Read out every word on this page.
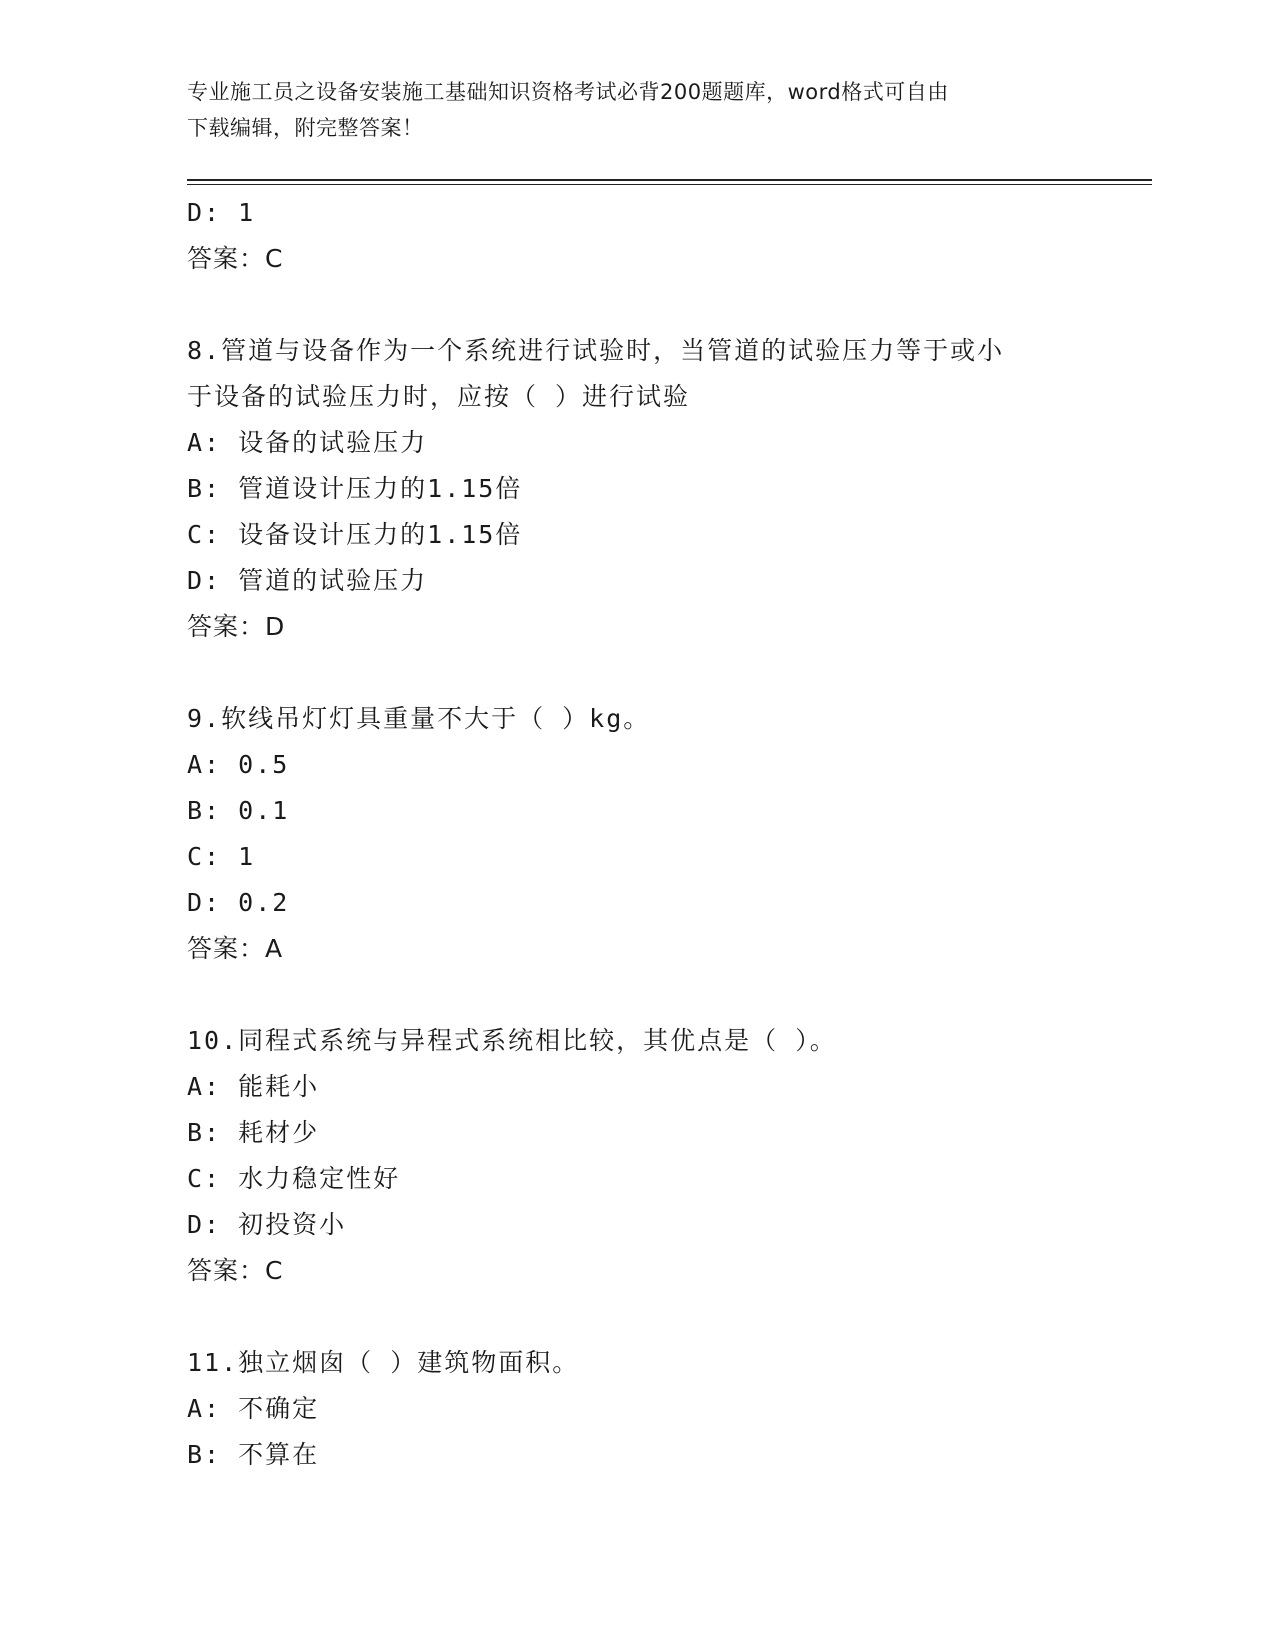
专业施工员之设备安装施工基础知识资格考试必背200题题库，word格式可自由
下载编辑，附完整答案！
D: 1
答案：C
8.管道与设备作为一个系统进行试验时，当管道的试验压力等于或小
于设备的试验压力时，应按（ ）进行试验
A: 设备的试验压力
B: 管道设计压力的1.15倍
C: 设备设计压力的1.15倍
D: 管道的试验压力
答案：D
9.软线吊灯灯具重量不大于（ ）kg。
A: 0.5
B: 0.1
C: 1
D: 0.2
答案：A
10.同程式系统与异程式系统相比较，其优点是（ ）。
A: 能耗小
B: 耗材少
C: 水力稳定性好
D: 初投资小
答案：C
11.独立烟囱（ ）建筑物面积。
A: 不确定
B: 不算在
